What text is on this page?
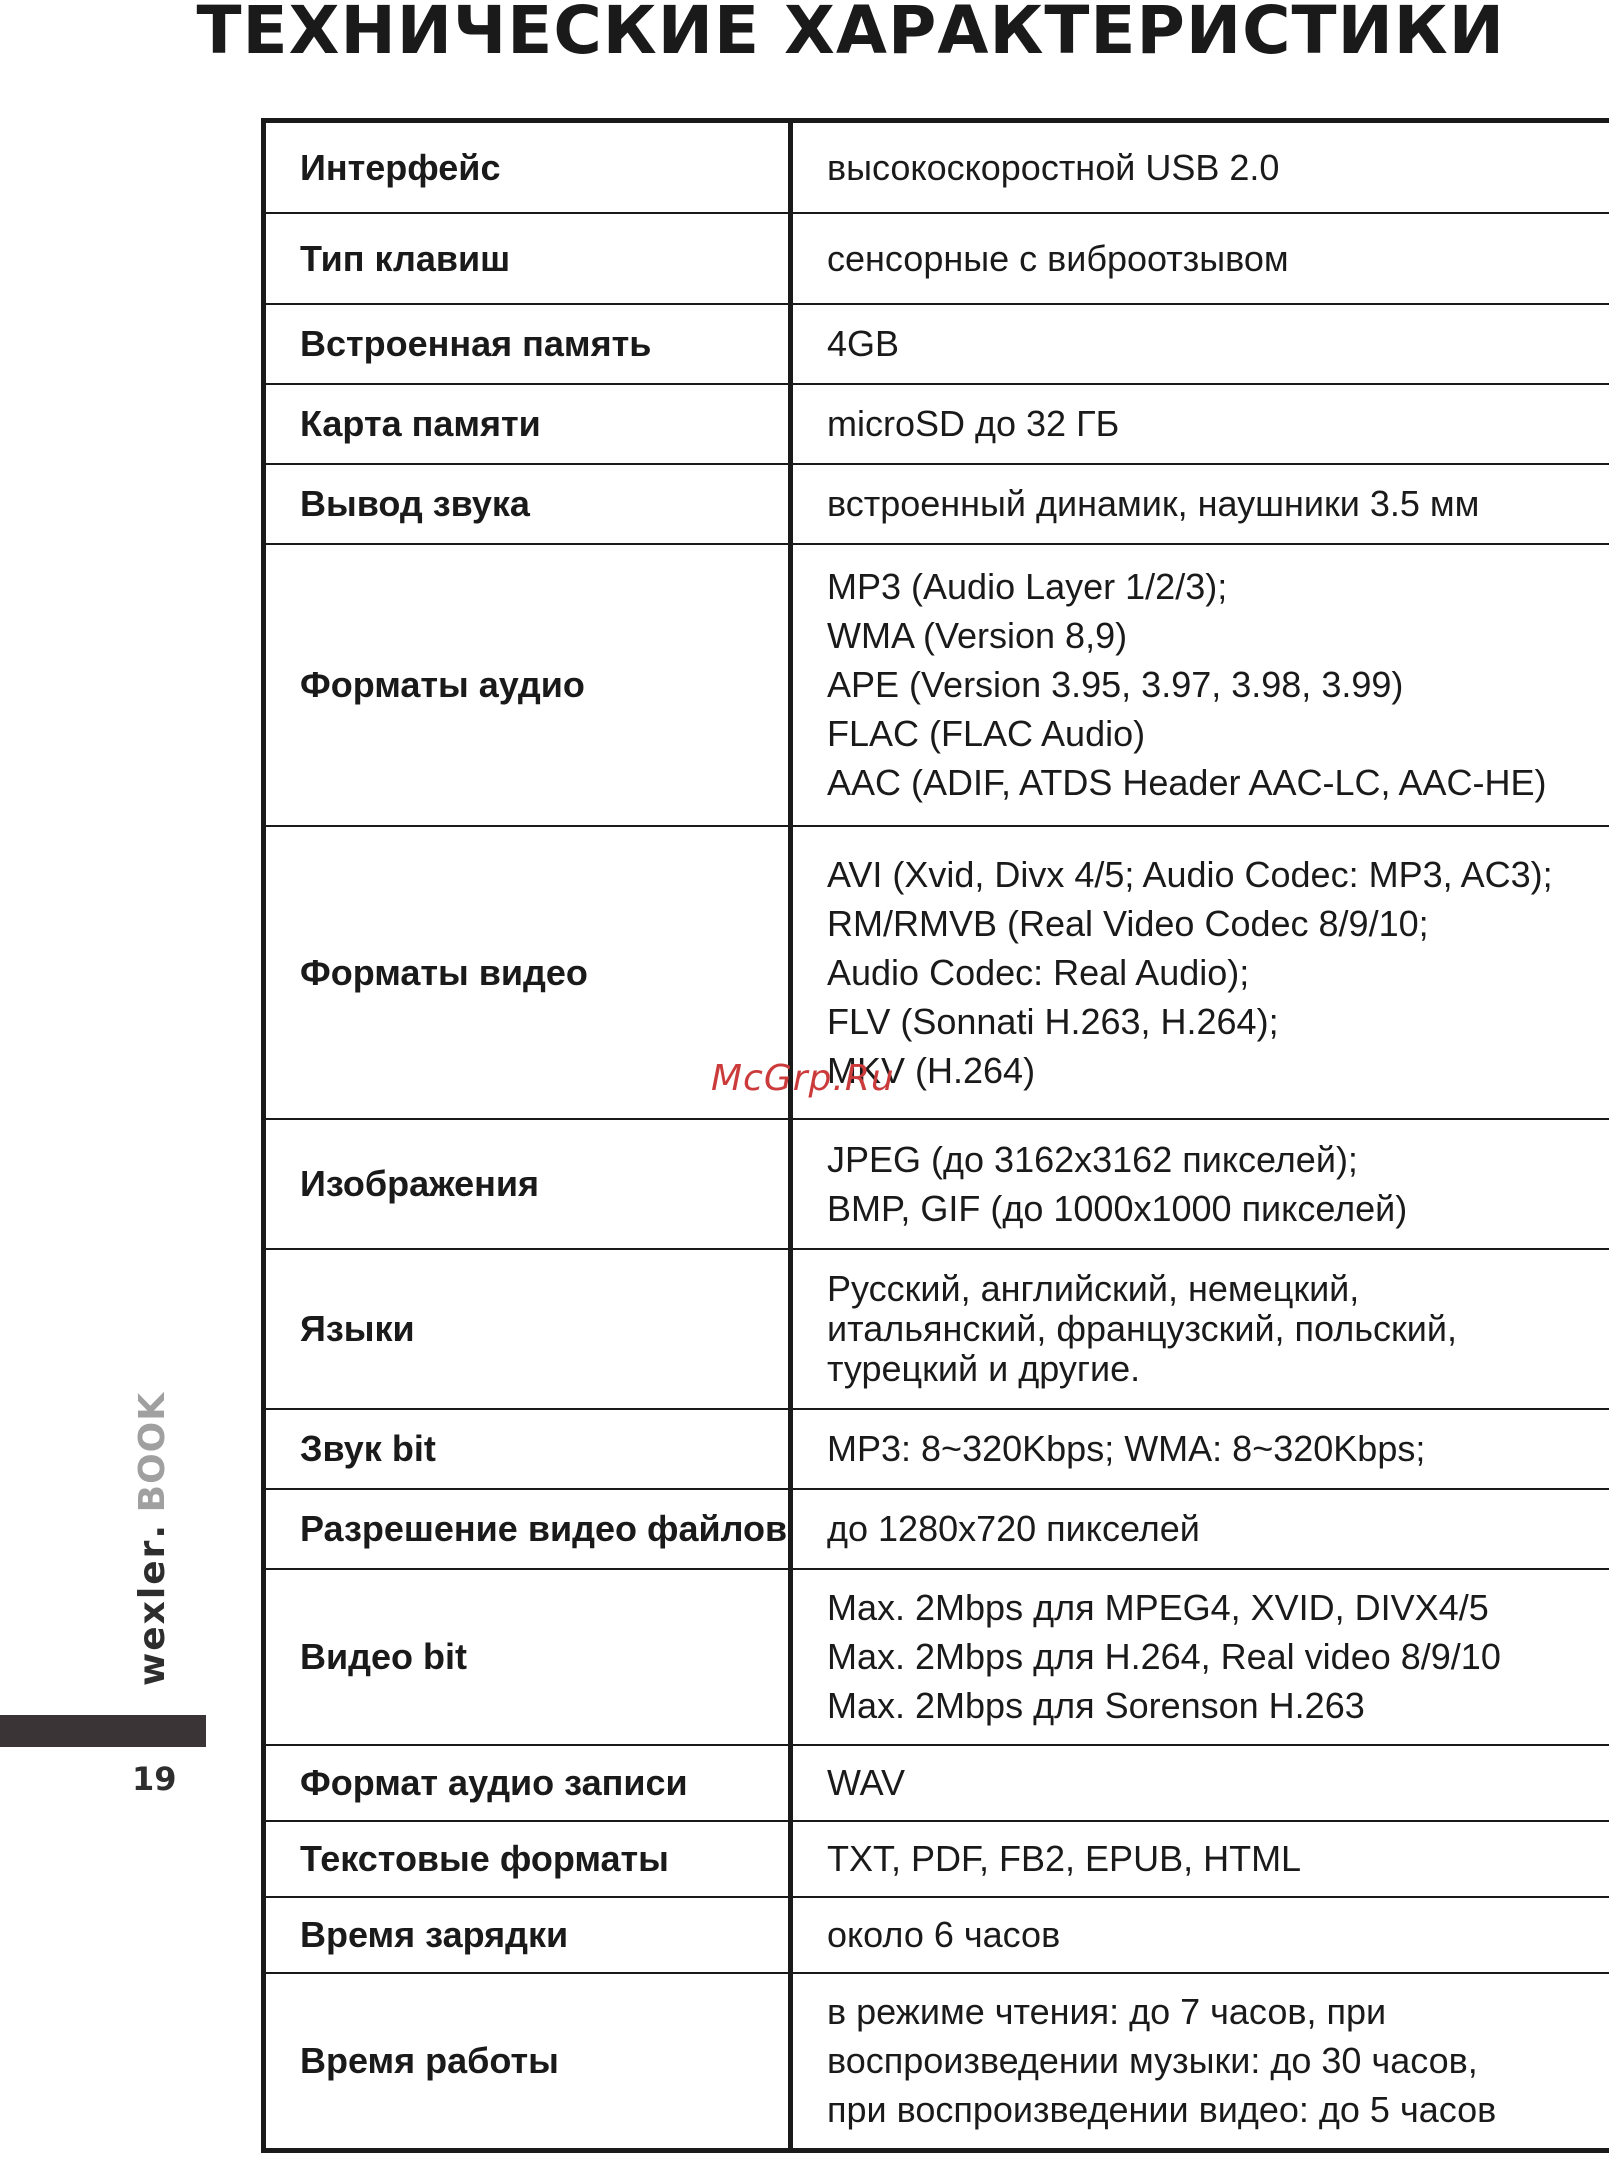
ТЕХНИЧЕСКИЕ ХАРАКТЕРИСТИКИ
Интерфейс	высокоскоростной USB 2.0

Тип клавиш	сенсорные с виброотзывом

Встроенная память	4GB

Карта памяти	microSD до 32 ГБ

Вывод звука	встроенный динамик, наушники 3.5 мм

Форматы аудио	MP3 (Audio Layer 1/2/3);
WMA (Version 8,9)
APE (Version 3.95, 3.97, 3.98, 3.99)
FLAC (FLAC Audio)
AAC (ADIF, ATDS Header AAC-LC, AAC-HE)

Форматы видео	AVI (Xvid, Divx 4/5; Audio Codec: MP3, AC3);
RM/RMVB (Real Video Codec 8/9/10;
Audio Codec: Real Audio);
FLV (Sonnati H.263, H.264);
MKV (H.264)

Изображения	JPEG (до 3162x3162 пикселей);
BMP, GIF (до 1000x1000 пикселей)

Языки	Русский, английский, немецкий,
итальянский, французский, польский,
турецкий и другие.

Звук bit	MP3: 8~320Kbps; WMA: 8~320Kbps;

Разрешение видео файлов	до 1280x720 пикселей

Видео bit	Max. 2Mbps для MPEG4, XVID, DIVX4/5
Max. 2Mbps для H.264, Real video 8/9/10
Max. 2Mbps для Sorenson H.263

Формат аудио записи	WAV

Текстовые форматы	TXT, PDF, FB2, EPUB, HTML

Время зарядки	около 6 часов

Время работы	в режиме чтения: до 7 часов, при
воспроизведении музыки: до 30 часов,
при воспроизведении видео: до 5 часов
McGrp.Ru
wexler. BOOK
19
